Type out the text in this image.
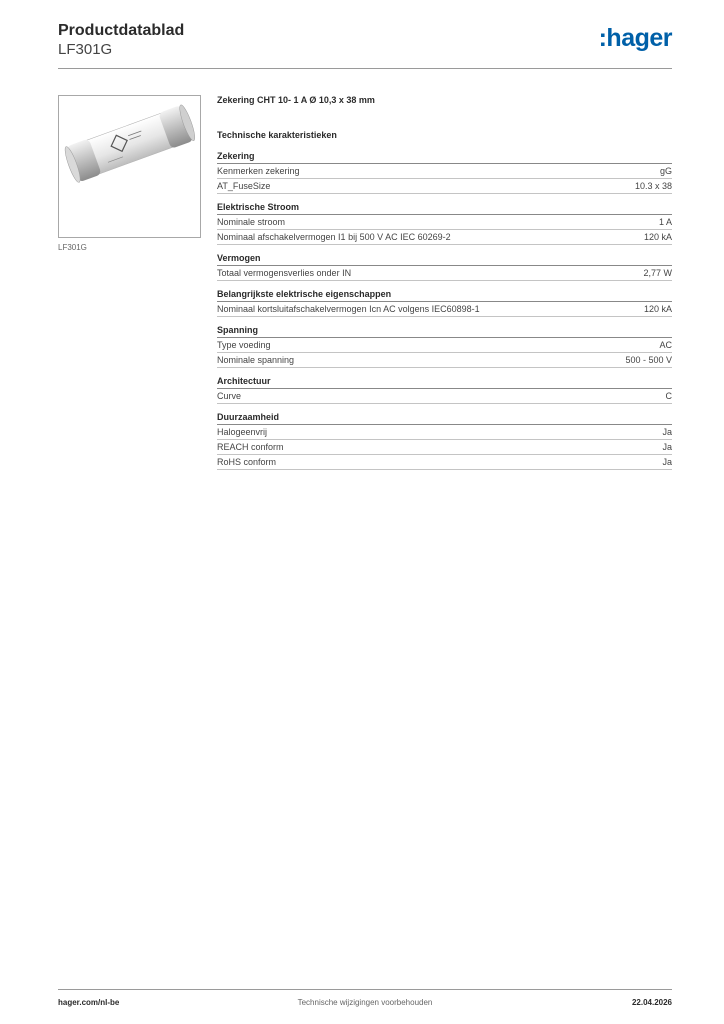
Productdatablad
LF301G	:hager
LF301G
Zekering CHT 10- 1 A Ø 10,3 x 38 mm
Technische karakteristieken
Zekering
Kenmerken zekering	gG
AT_FuseSize	10.3 x 38
Elektrische Stroom
Nominale stroom	1 A
Nominaal afschakelvermogen I1 bij 500 V AC IEC 60269-2	120 kA
Vermogen
Totaal vermogensverlies onder IN	2,77 W
Belangrijkste elektrische eigenschappen
Nominaal kortsluitafschakelvermogen Icn AC volgens IEC60898-1	120 kA
Spanning
Type voeding	AC
Nominale spanning	500 - 500 V
Architectuur
Curve	C
Duurzaamheid
Halogeenvrij	Ja
REACH conform	Ja
RoHS conform	Ja
hager.com/nl-be	Technische wijzigingen voorbehouden	22.04.2026
